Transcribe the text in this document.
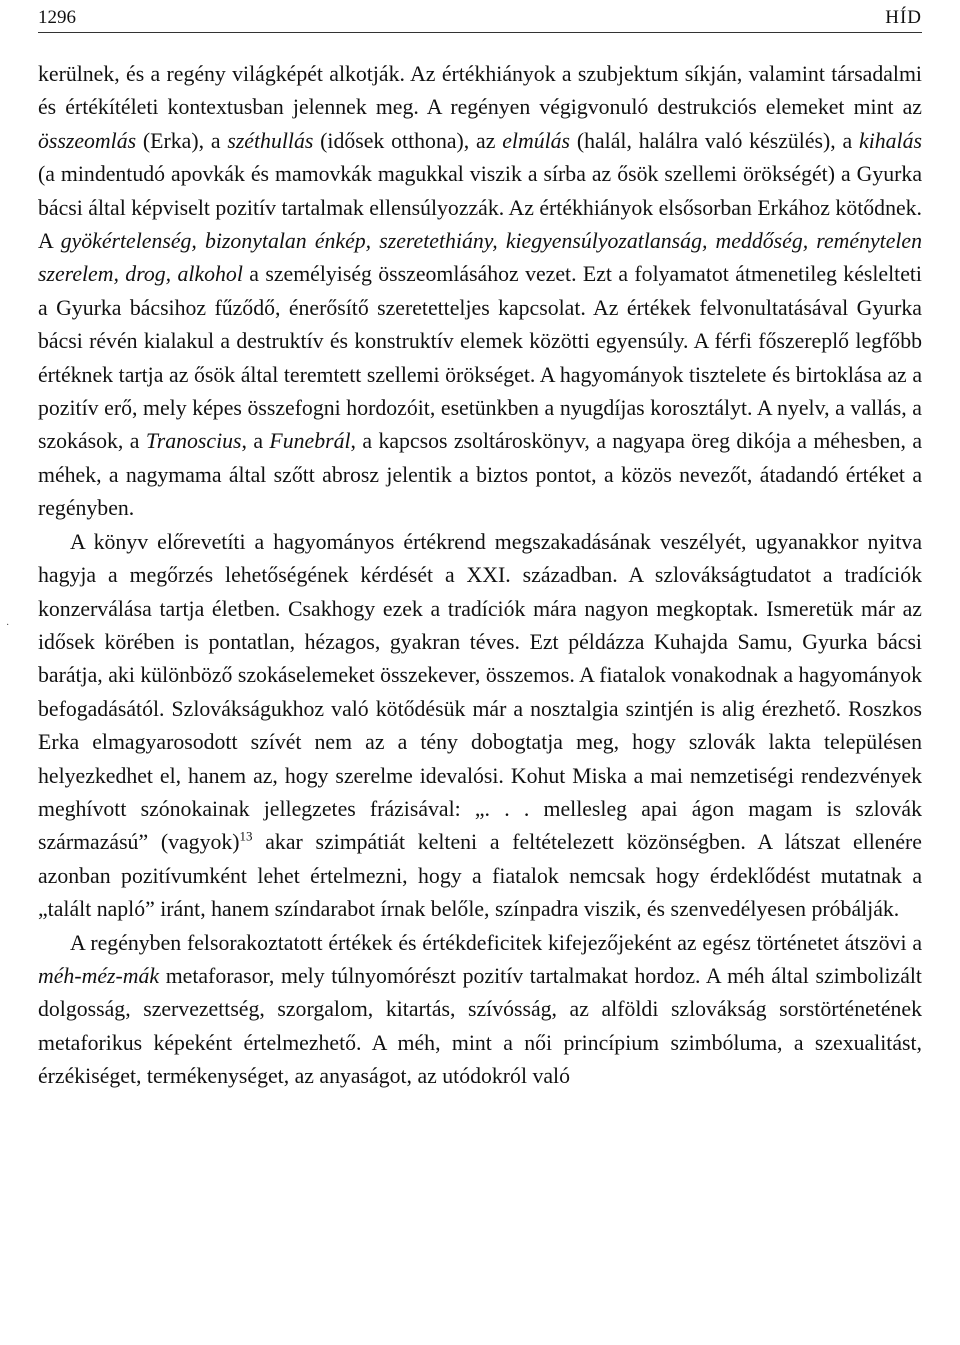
1296	HÍD
·

kerülnek, és a regény világképét alkotják. Az értékhiányok a szubjektum síkján, valamint társadalmi és értékítéleti kontextusban jelennek meg. A regényen végigvonuló destrukciós elemeket mint az összeomlás (Erka), a széthullás (idősek otthona), az elmúlás (halál, halálra való készülés), a kihalás (a mindentudó apovkák és mamovkák magukkal viszik a sírba az ősök szellemi örökségét) a Gyurka bácsi által képviselt pozitív tartalmak ellensúlyozzák. Az értékhiányok elsősorban Erkához kötődnek. A gyökértelenség, bizonytalan énkép, szeretethiány, kiegyensúlyozatlanság, meddőség, reménytelen szerelem, drog, alkohol a személyiség összeomlásához vezet. Ezt a folyamatot átmenetileg késlelteti a Gyurka bácsihoz fűződő, énerősítő szeretetteljes kapcsolat. Az értékek felvonultatásával Gyurka bácsi révén kialakul a destruktív és konstruktív elemek közötti egyensúly. A férfi főszereplő legfőbb értéknek tartja az ősök által teremtett szellemi örökséget. A hagyományok tisztelete és birtoklása az a pozitív erő, mely képes összefogni hordozóit, esetünkben a nyugdíjas korosztályt. A nyelv, a vallás, a szokások, a Tranoscius, a Funebrál, a kapcsos zsoltároskönyv, a nagyapa öreg dikója a méhesben, a méhek, a nagymama által szőtt abrosz jelentik a biztos pontot, a közös nevezőt, átadandó értéket a regényben.

A könyv előrevetíti a hagyományos értékrend megszakadásának veszélyét, ugyanakkor nyitva hagyja a megőrzés lehetőségének kérdését a XXI. században. A szlovákságtudatot a tradíciók konzerválása tartja életben. Csakhogy ezek a tradíciók mára nagyon megkoptak. Ismeretük már az idősek körében is pontatlan, hézagos, gyakran téves. Ezt példázza Kuhajda Samu, Gyurka bácsi barátja, aki különböző szokáselemeket összekever, összemos. A fiatalok vonakodnak a hagyományok befogadásától. Szlovákságukhoz való kötődésük már a nosztalgia szintjén is alig érezhető. Roszkos Erka elmagyarosodott szívét nem az a tény dobogtatja meg, hogy szlovák lakta településen helyezkedhet el, hanem az, hogy szerelme idevalósi. Kohut Miska a mai nemzetiségi rendezvények meghívott szónokainak jellegzetes frázisával: „. . . mellesleg apai ágon magam is szlovák származású” (vagyok)$^{13}$ akar szimpátiát kelteni a feltételezett közönségben. A látszat ellenére azonban pozitívumként lehet értelmezni, hogy a fiatalok nemcsak hogy érdeklődést mutatnak a „talált napló” iránt, hanem színdarabot írnak belőle, színpadra viszik, és szenvedélyesen próbálják.

A regényben felsorakoztatott értékek és értékdeficitek kifejezőjeként az egész történetet átszövi a méh-méz-mák metaforasor, mely túlnyomórészt pozitív tartalmakat hordoz. A méh által szimbolizált dolgosság, szervezettség, szorgalom, kitartás, szívósság, az alföldi szlovákság sorstörténetének metaforikus képeként értelmezhető. A méh, mint a női princípium szimbóluma, a szexualitást, érzékiséget, termékenységet, az anyaságot, az utódokról való
